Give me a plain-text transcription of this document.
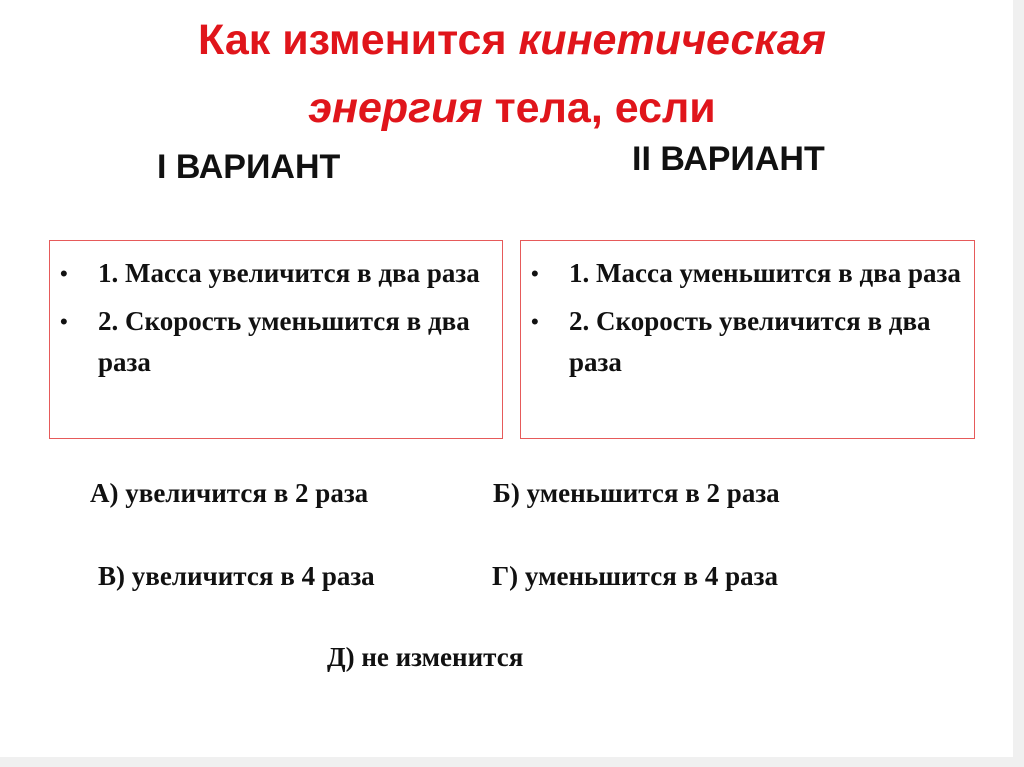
Как изменится кинетическая
энергия тела, если
I ВАРИАНТ	II ВАРИАНТ
• 1. Масса увеличится в два раза
• 2. Скорость уменьшится в два раза
• 1. Масса уменьшится в два раза
• 2. Скорость увеличится в два раза
А) увеличится в 2 раза	Б) уменьшится в 2 раза
В) увеличится в 4 раза	Г) уменьшится в 4 раза
Д) не изменится
